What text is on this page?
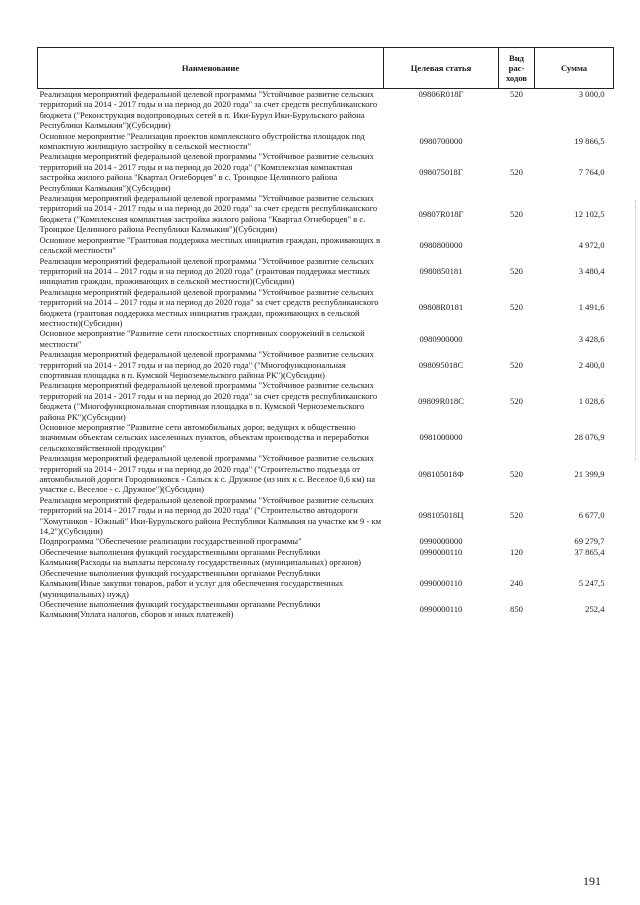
Наименование	Целевая статья	Вид рас-ходов	Сумма
Реализация мероприятий федеральной целевой программы "Устойчивое развитие сельских территорий на 2014 - 2017 годы и на период до 2020 года" за счет средств республиканского бюджета ("Реконструкция водопроводных сетей в п. Ики-Бурул Ики-Бурульского района Республики Калмыкия")(Субсидии)	09806R018Г	520	3 000,0
Основное мероприятие "Реализация проектов комплексного обустройства площадок под компактную жилищную застройку в сельской местности"	0980700000		19 866,5
Реализация мероприятий федеральной целевой программы "Устойчивое развитие сельских территорий на 2014 - 2017 годы и на период до 2020 года" ("Комплексная компактная застройка жилого района "Квартал Огнеборцев" в с. Троицкое Целинного района Республики Калмыкия")(Субсидии)	098075018Г	520	7 764,0
Реализация мероприятий федеральной целевой программы "Устойчивое развитие сельских территорий на 2014 - 2017 годы и на период до 2020 года" за счет средств республиканского бюджета ("Комплексная компактная застройка жилого района "Квартал Огнеборцев" в с. Троицкое Целинного района Республики Калмыкия")(Субсидии)	09807R018Г	520	12 102,5
Основное мероприятие "Грантовая поддержка местных инициатив граждан, проживающих в сельской местности"	0980800000		4 972,0
Реализация мероприятий федеральной целевой программы "Устойчивое развитие сельских территорий на 2014 – 2017 годы и на период до 2020 года" (грантовая поддержка местных инициатив граждан, проживающих в сельской местности)(Субсидии)	0980850181	520	3 480,4
Реализация мероприятий федеральной целевой программы "Устойчивое развитие сельских территорий на 2014 – 2017 годы и на период до 2020 года" за счет средств республиканского бюджета (грантовая поддержка местных инициатив граждан, проживающих в сельской местности)(Субсидии)	09808R0181	520	1 491,6
Основное мероприятие "Развитие сети плоскостных спортивных сооружений в сельской местности"	0980900000		3 428,6
Реализация мероприятий федеральной целевой программы "Устойчивое развитие сельских территорий на 2014 - 2017 годы и на период до 2020 года" ("Многофункциональная спортивная площадка в п. Кумской Черноземельского района РК")(Субсидии)	098095018С	520	2 400,0
Реализация мероприятий федеральной целевой программы "Устойчивое развитие сельских территорий на 2014 - 2017 годы и на период до 2020 года" за счет средств республиканского бюджета ("Многофункциональная спортивная площадка в п. Кумской Черноземельского района РК")(Субсидии)	09809R018С	520	1 028,6
Основное мероприятие "Развитие сети автомобильных дорог, ведущих к общественно значимым объектам сельских населенных пунктов, объектам производства и переработки сельскохозяйственной продукции"	0981000000		28 076,9
Реализация мероприятий федеральной целевой программы "Устойчивое развитие сельских территорий на 2014 - 2017 годы и на период до 2020 года" ("Строительство подъезда от автомобильной дороги Городовиковск - Сальск к с. Дружное (из них к с. Веселое 0,6 км) на участке с. Веселое - с. Дружное")(Субсидии)	098105018Ф	520	21 399,9
Реализация мероприятий федеральной целевой программы "Устойчивое развитие сельских территорий на 2014 - 2017 годы и на период до 2020 года" ("Строительство автодороги "Хомутников - Южный" Ики-Бурульского района Республики Калмыкия на участке км 9 - км 14,2")(Субсидии)	098105018Ц	520	6 677,0
Подпрограмма "Обеспечение реализации государственной программы"	0990000000		69 279,7
Обеспечение выполнения функций государственными органами Республики Калмыкия(Расходы на выплаты персоналу государственных (муниципальных) органов)	0990000110	120	37 865,4
Обеспечение выполнения функций государственными органами Республики Калмыкия(Иные закупки товаров, работ и услуг для обеспечения государственных (муниципальных) нужд)	0990000110	240	5 247,5
Обеспечение выполнения функций государственными органами Республики Калмыкия(Уплата налогов, сборов и иных платежей)	0990000110	850	252,4
191
